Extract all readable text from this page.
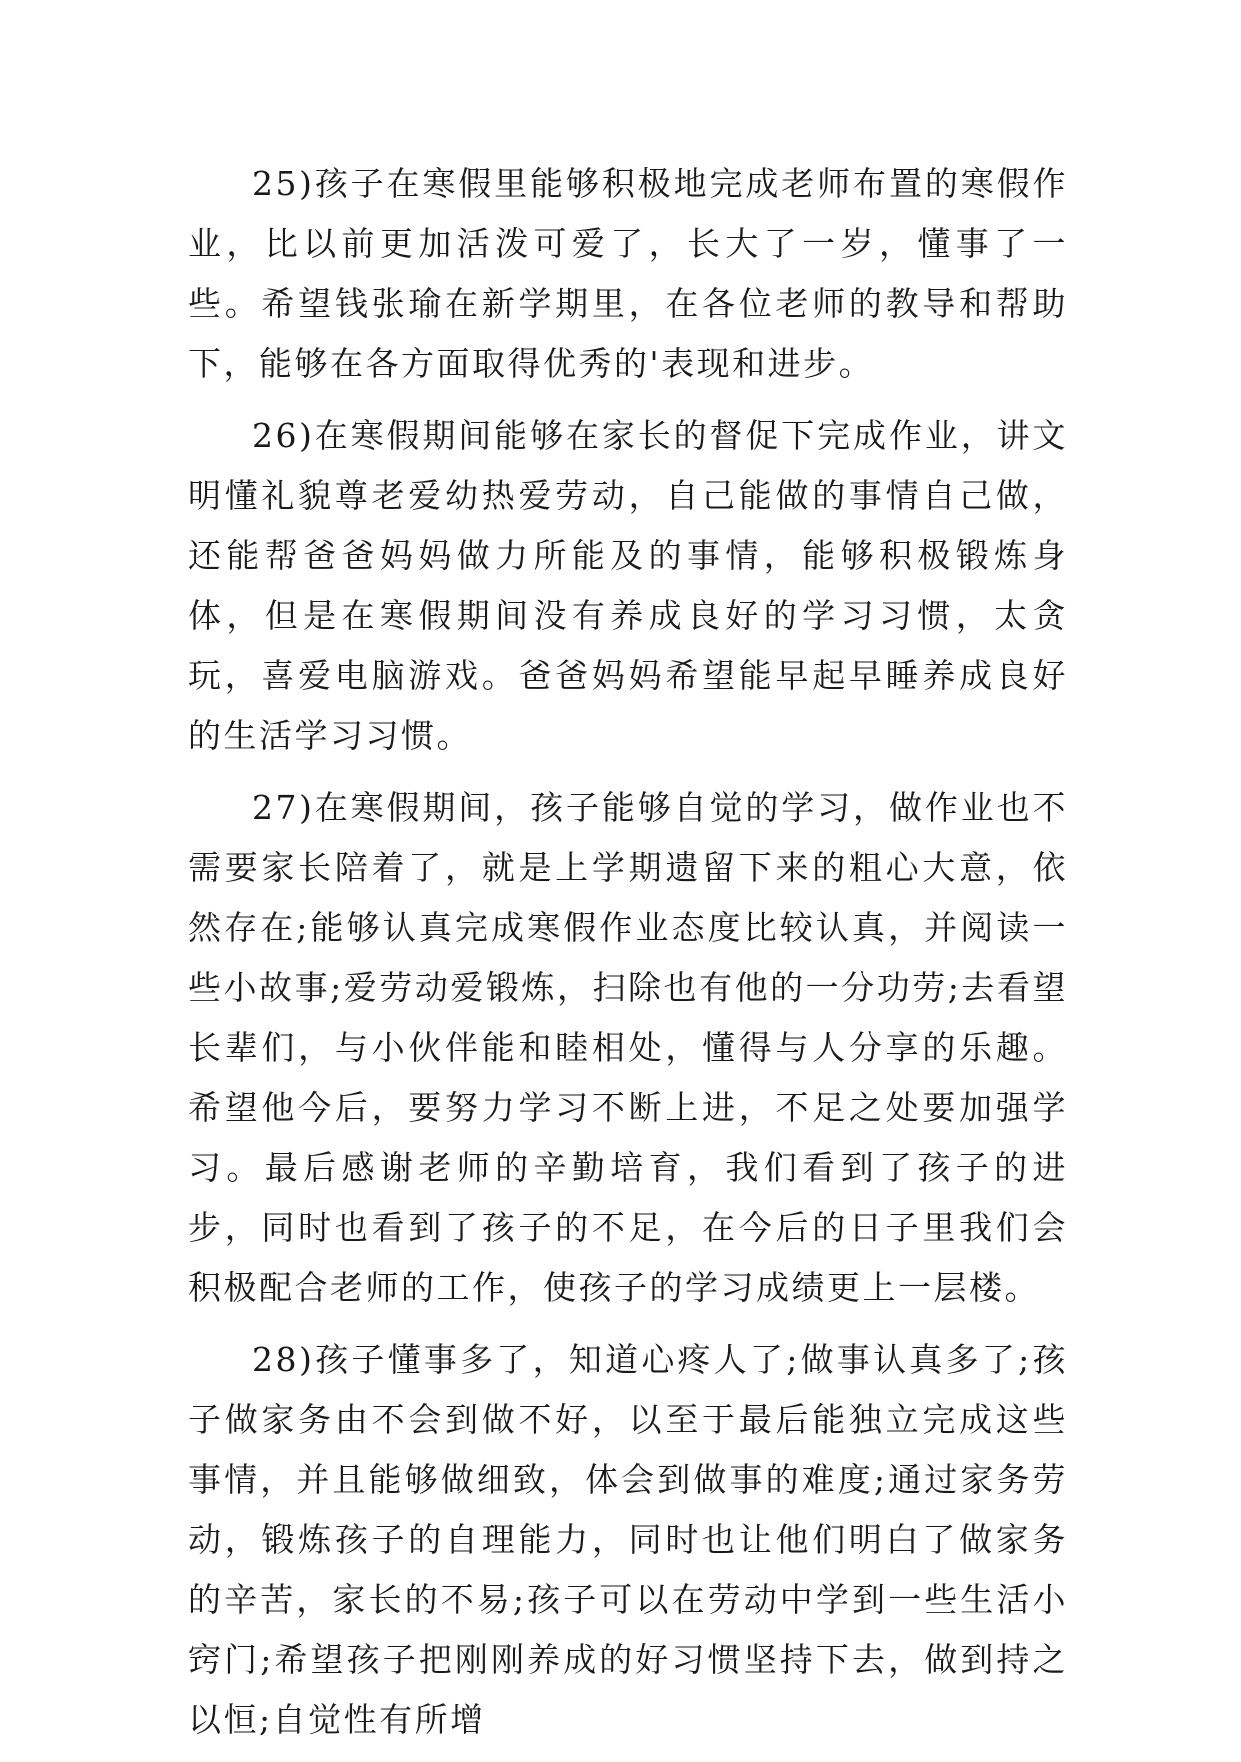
25)孩子在寒假里能够积极地完成老师布置的寒假作业，比以前更加活泼可爱了，长大了一岁，懂事了一些。希望钱张瑜在新学期里，在各位老师的教导和帮助下，能够在各方面取得优秀的'表现和进步。

26)在寒假期间能够在家长的督促下完成作业，讲文明懂礼貌尊老爱幼热爱劳动，自己能做的事情自己做，还能帮爸爸妈妈做力所能及的事情，能够积极锻炼身体，但是在寒假期间没有养成良好的学习习惯，太贪玩，喜爱电脑游戏。爸爸妈妈希望能早起早睡养成良好的生活学习习惯。

27)在寒假期间，孩子能够自觉的学习，做作业也不需要家长陪着了，就是上学期遗留下来的粗心大意，依然存在;能够认真完成寒假作业态度比较认真，并阅读一些小故事;爱劳动爱锻炼，扫除也有他的一分功劳;去看望长辈们，与小伙伴能和睦相处，懂得与人分享的乐趣。希望他今后，要努力学习不断上进，不足之处要加强学习。最后感谢老师的辛勤培育，我们看到了孩子的进步，同时也看到了孩子的不足，在今后的日子里我们会积极配合老师的工作，使孩子的学习成绩更上一层楼。

28)孩子懂事多了，知道心疼人了;做事认真多了;孩子做家务由不会到做不好，以至于最后能独立完成这些事情，并且能够做细致，体会到做事的难度;通过家务劳动，锻炼孩子的自理能力，同时也让他们明白了做家务的辛苦，家长的不易;孩子可以在劳动中学到一些生活小窍门;希望孩子把刚刚养成的好习惯坚持下去，做到持之以恒;自觉性有所增
